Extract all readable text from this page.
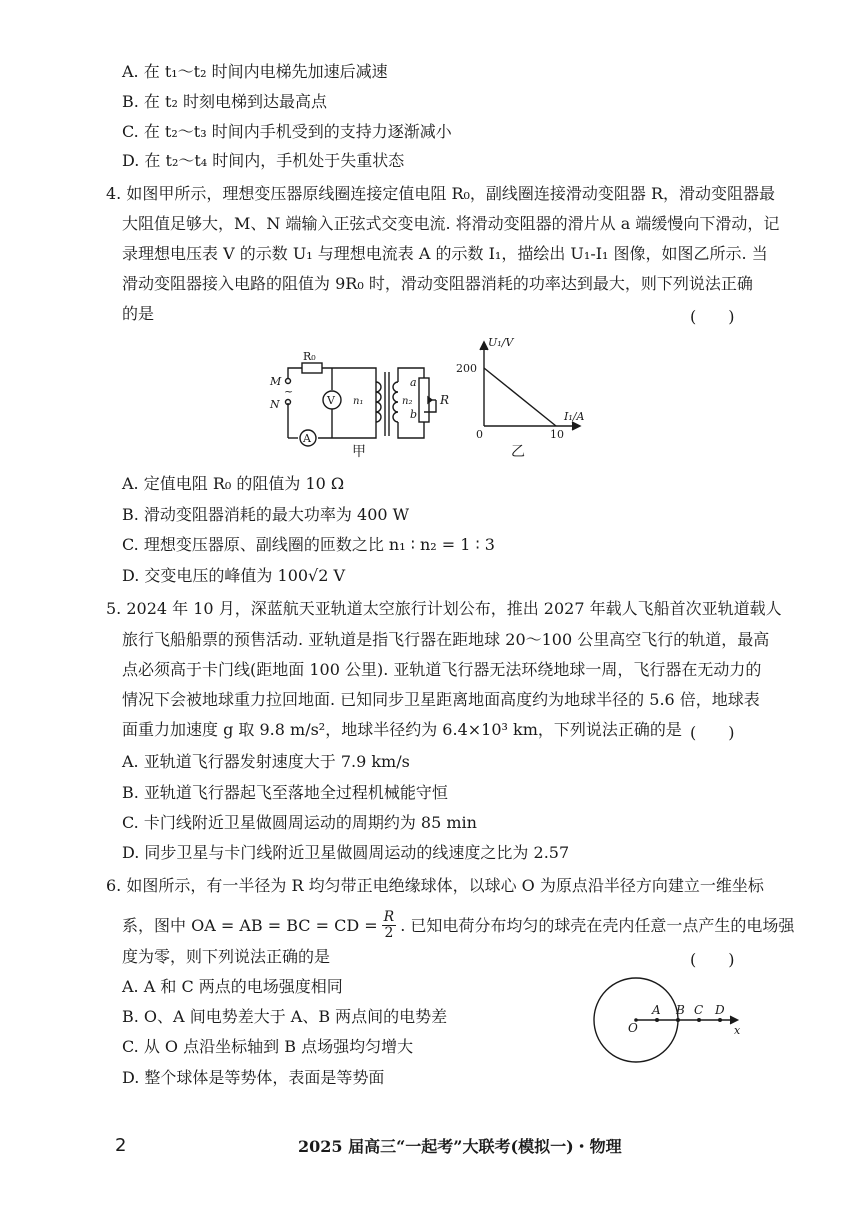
A. 在 t₁～t₂ 时间内电梯先加速后减速
B. 在 t₂ 时刻电梯到达最高点
C. 在 t₂～t₃ 时间内手机受到的支持力逐渐减小
D. 在 t₂～t₄ 时间内，手机处于失重状态
4. 如图甲所示，理想变压器原线圈连接定值电阻 R₀，副线圈连接滑动变阻器 R，滑动变阻器最
大阻值足够大，M、N 端输入正弦式交变电流. 将滑动变阻器的滑片从 a 端缓慢向下滑动，记
录理想电压表 V 的示数 U₁ 与理想电流表 A 的示数 I₁，描绘出 U₁-I₁ 图像，如图乙所示. 当
滑动变阻器接入电路的阻值为 9R₀ 时，滑动变阻器消耗的功率达到最大，则下列说法正确
的是	(　　)
R₀
M
~
N	V
A
n₁	n₂
a
b
R
甲
U₁/V
200
0	10
I₁/A
乙
A. 定值电阻 R₀ 的阻值为 10 Ω
B. 滑动变阻器消耗的最大功率为 400 W
C. 理想变压器原、副线圈的匝数之比 n₁ ∶ n₂ = 1 ∶ 3
D. 交变电压的峰值为 100√2 V
5. 2024 年 10 月，深蓝航天亚轨道太空旅行计划公布，推出 2027 年载人飞船首次亚轨道载人
旅行飞船船票的预售活动. 亚轨道是指飞行器在距地球 20～100 公里高空飞行的轨道，最高
点必须高于卡门线(距地面 100 公里). 亚轨道飞行器无法环绕地球一周，飞行器在无动力的
情况下会被地球重力拉回地面. 已知同步卫星距离地面高度约为地球半径的 5.6 倍，地球表
面重力加速度 g 取 9.8 m/s²，地球半径约为 6.4×10³ km，下列说法正确的是 (　　)
A. 亚轨道飞行器发射速度大于 7.9 km/s
B. 亚轨道飞行器起飞至落地全过程机械能守恒
C. 卡门线附近卫星做圆周运动的周期约为 85 min
D. 同步卫星与卡门线附近卫星做圆周运动的线速度之比为 2.57
6. 如图所示，有一半径为 R 均匀带正电绝缘球体，以球心 O 为原点沿半径方向建立一维坐标
系，图中 OA = AB = BC = CD = $\frac{R}{2}$ . 已知电荷分布均匀的球壳在壳内任意一点产生的电场强
度为零，则下列说法正确的是	(　　)
A. A 和 C 两点的电场强度相同
B. O、A 间电势差大于 A、B 两点间的电势差
C. 从 O 点沿坐标轴到 B 点场强均匀增大
D. 整个球体是等势体，表面是等势面
O
A B C D
x
2	2025 届高三“一起考”大联考(模拟一)・物理
